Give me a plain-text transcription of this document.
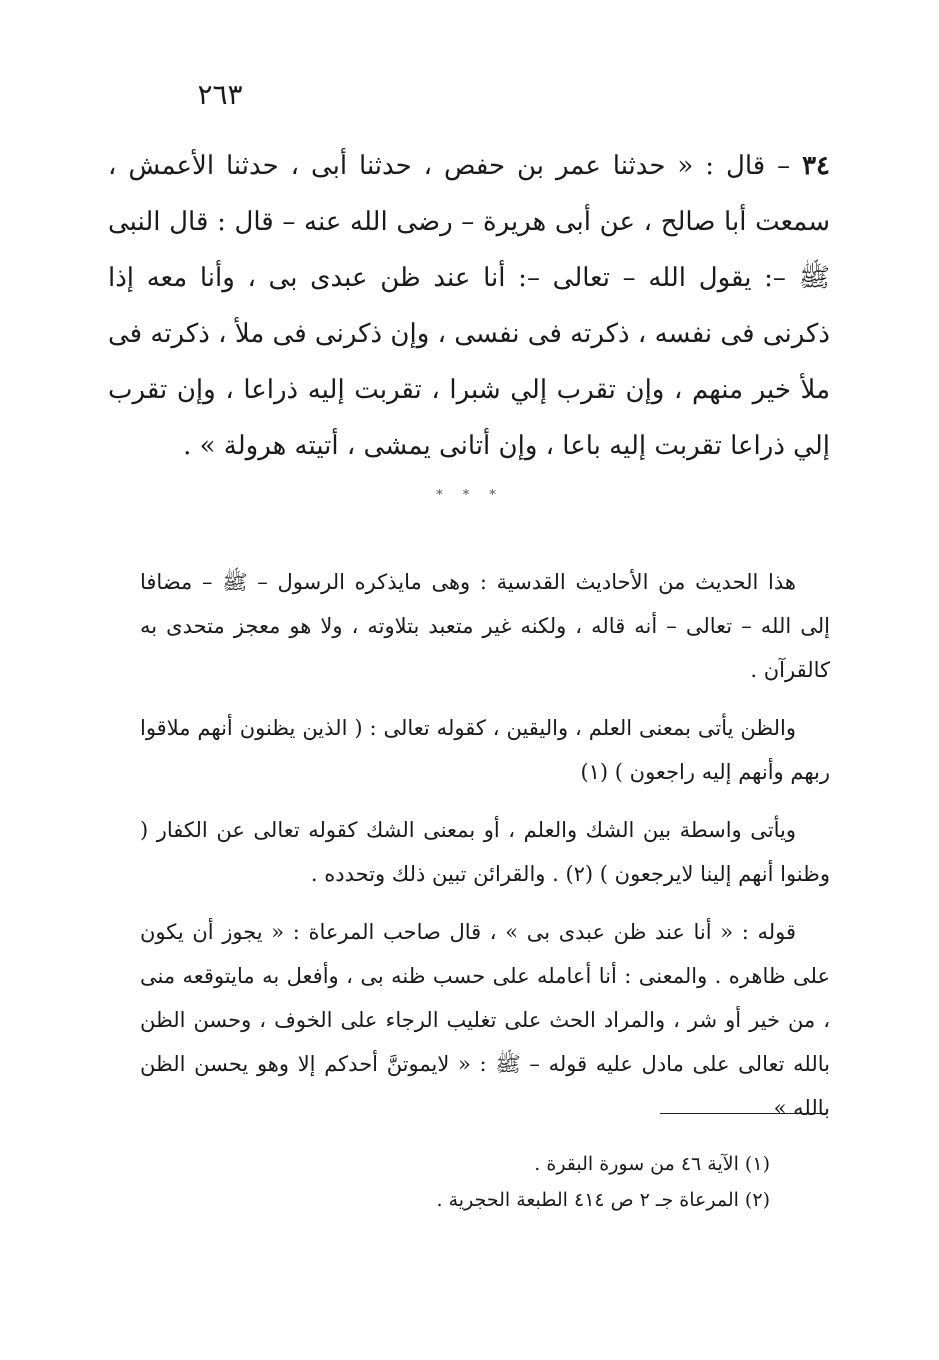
٢٦٣
٣٤ – قال : « حدثنا عمر بن حفص ، حدثنا أبى ، حدثنا الأعمش ، سمعت أبا صالح ، عن أبى هريرة – رضى الله عنه – قال : قال النبى ﷺ –: يقول الله – تعالى –: أنا عند ظن عبدى بى ، وأنا معه إذا ذكرنى فى نفسه ، ذكرته فى نفسى ، وإن ذكرنى فى ملأ ، ذكرته فى ملأ خير منهم ، وإن تقرب إلي شبرا ، تقربت إليه ذراعا ، وإن تقرب إلي ذراعا تقربت إليه باعا ، وإن أتانى يمشى ، أتيته هرولة » .
* * *

هذا الحديث من الأحاديث القدسية : وهى مايذكره الرسول – ﷺ – مضافا إلى الله – تعالى – أنه قاله ، ولكنه غير متعبد بتلاوته ، ولا هو معجز متحدى به كالقرآن .

والظن يأتى بمعنى العلم ، واليقين ، كقوله تعالى : ( الذين يظنون أنهم ملاقوا ربهم وأنهم إليه راجعون ) (١)

ويأتى واسطة بين الشك والعلم ، أو بمعنى الشك كقوله تعالى عن الكفار ( وظنوا أنهم إلينا لايرجعون ) (٢) . والقرائن تبين ذلك وتحدده .

قوله : « أنا عند ظن عبدى بى » ، قال صاحب المرعاة : « يجوز أن يكون على ظاهره . والمعنى : أنا أعامله على حسب ظنه بى ، وأفعل به مايتوقعه منى ، من خير أو شر ، والمراد الحث على تغليب الرجاء على الخوف ، وحسن الظن بالله تعالى على مادل عليه قوله – ﷺ : « لايموتنَّ أحدكم إلا وهو يحسن الظن بالله »

(١) الآية ٤٦ من سورة البقرة .
(٢) المرعاة جـ ٢ ص ٤١٤ الطبعة الحجرية .
